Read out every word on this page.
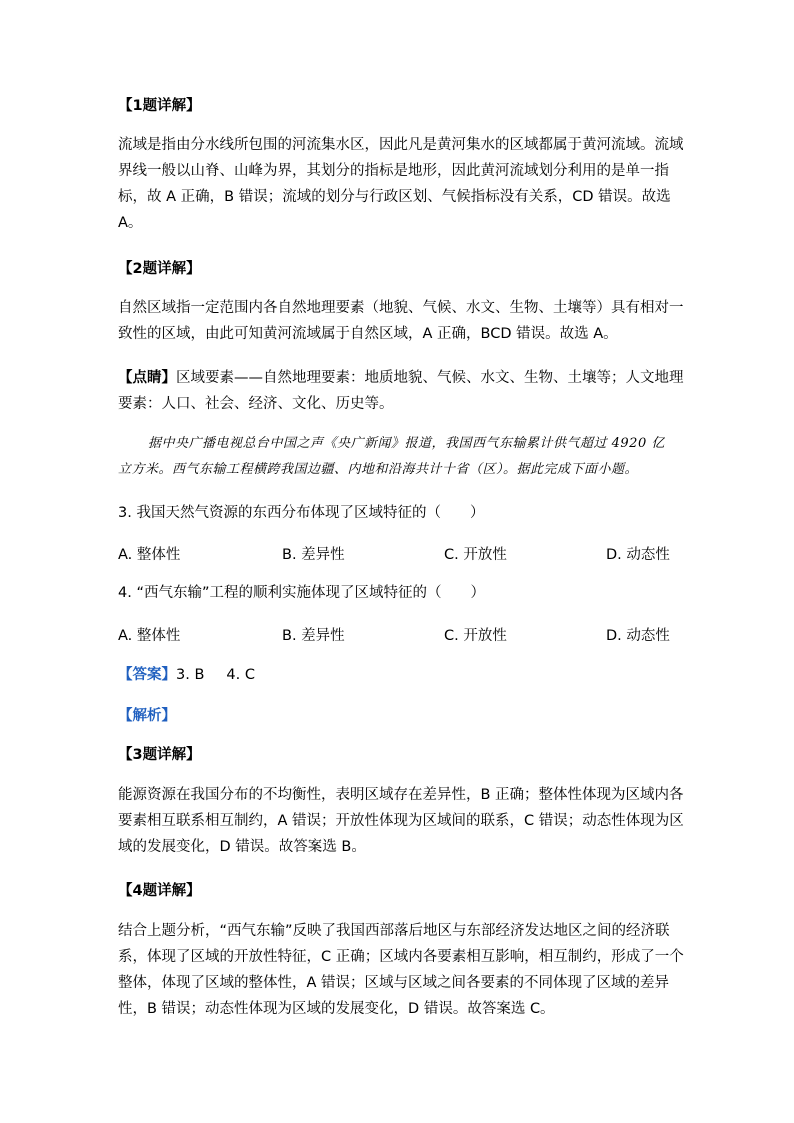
【1题详解】
流域是指由分水线所包围的河流集水区，因此凡是黄河集水的区域都属于黄河流域。流域
界线一般以山脊、山峰为界，其划分的指标是地形，因此黄河流域划分利用的是单一指
标，故 A 正确，B 错误；流域的划分与行政区划、气候指标没有关系，CD 错误。故选
A。
【2题详解】
自然区域指一定范围内各自然地理要素（地貌、气候、水文、生物、土壤等）具有相对一
致性的区域，由此可知黄河流域属于自然区域，A 正确，BCD 错误。故选 A。
【点睛】区域要素——自然地理要素：地质地貌、气候、水文、生物、土壤等；人文地理
要素：人口、社会、经济、文化、历史等。
据中央广播电视总台中国之声《央广新闻》报道，我国西气东输累计供气超过 4920 亿
立方米。西气东输工程横跨我国边疆、内地和沿海共计十省（区）。据此完成下面小题。
3. 我国天然气资源的东西分布体现了区域特征的（　　）
A. 整体性	B. 差异性	C. 开放性	D. 动态性
4. “西气东输”工程的顺利实施体现了区域特征的（　　）
A. 整体性	B. 差异性	C. 开放性	D. 动态性
【答案】3. B 4. C
【解析】
【3题详解】
能源资源在我国分布的不均衡性，表明区域存在差异性，B 正确；整体性体现为区域内各
要素相互联系相互制约，A 错误；开放性体现为区域间的联系，C 错误；动态性体现为区
域的发展变化，D 错误。故答案选 B。
【4题详解】
结合上题分析，“西气东输”反映了我国西部落后地区与东部经济发达地区之间的经济联
系，体现了区域的开放性特征，C 正确；区域内各要素相互影响，相互制约，形成了一个
整体，体现了区域的整体性，A 错误；区域与区域之间各要素的不同体现了区域的差异
性，B 错误；动态性体现为区域的发展变化，D 错误。故答案选 C。
